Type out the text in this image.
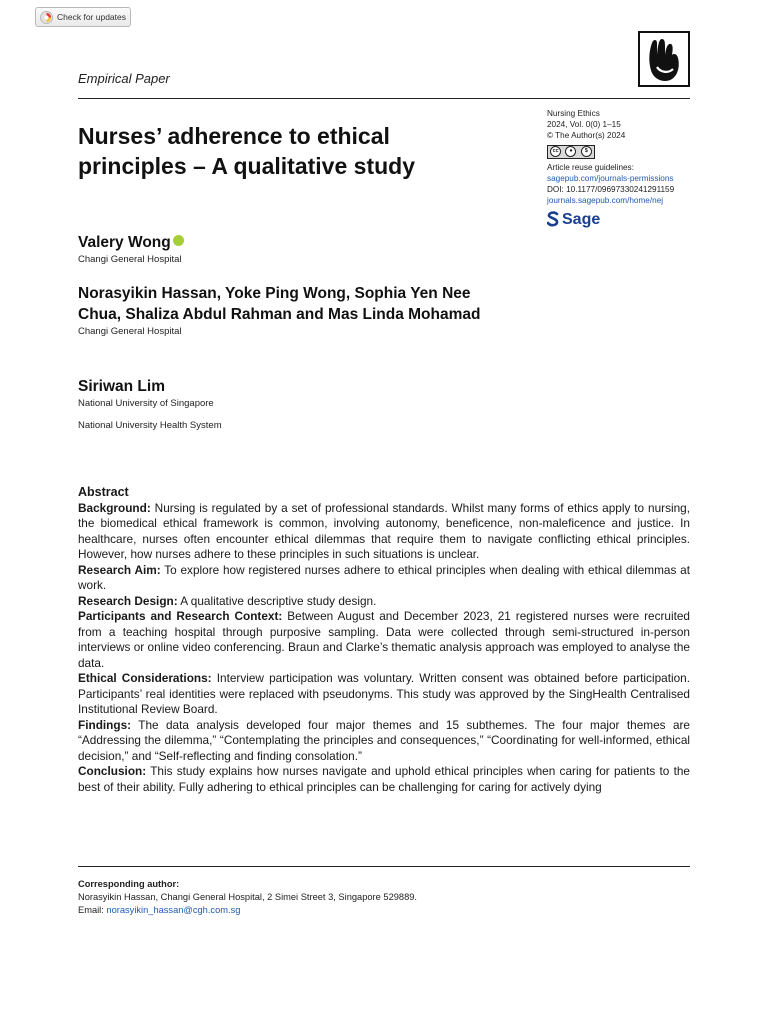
Check for updates
Empirical Paper
Nursing Ethics
2024, Vol. 0(0) 1–15
© The Author(s) 2024
cc	●	$
Article reuse guidelines:
sagepub.com/journals-permissions
DOI: 10.1177/09697330241291159
journals.sagepub.com/home/nej
Sage
Nurses’ adherence to ethical principles – A qualitative study
Valery Wong
Changi General Hospital
Norasyikin Hassan, Yoke Ping Wong, Sophia Yen Nee Chua, Shaliza Abdul Rahman and Mas Linda Mohamad
Changi General Hospital
Siriwan Lim
National University of Singapore
National University Health System
Abstract

Background: Nursing is regulated by a set of professional standards. Whilst many forms of ethics apply to nursing, the biomedical ethical framework is common, involving autonomy, beneficence, non-maleficence and justice. In healthcare, nurses often encounter ethical dilemmas that require them to navigate conflicting ethical principles. However, how nurses adhere to these principles in such situations is unclear.

Research Aim: To explore how registered nurses adhere to ethical principles when dealing with ethical dilemmas at work.

Research Design: A qualitative descriptive study design.

Participants and Research Context: Between August and December 2023, 21 registered nurses were recruited from a teaching hospital through purposive sampling. Data were collected through semi-structured in-person interviews or online video conferencing. Braun and Clarke’s thematic analysis approach was employed to analyse the data.

Ethical Considerations: Interview participation was voluntary. Written consent was obtained before participation. Participants’ real identities were replaced with pseudonyms. This study was approved by the SingHealth Centralised Institutional Review Board.

Findings: The data analysis developed four major themes and 15 subthemes. The four major themes are “Addressing the dilemma,” “Contemplating the principles and consequences,” “Coordinating for well-informed, ethical decision,” and “Self-reflecting and finding consolation.”

Conclusion: This study explains how nurses navigate and uphold ethical principles when caring for patients to the best of their ability. Fully adhering to ethical principles can be challenging for caring for actively dying

Corresponding author:
Norasyikin Hassan, Changi General Hospital, 2 Simei Street 3, Singapore 529889.
Email: norasyikin_hassan@cgh.com.sg
